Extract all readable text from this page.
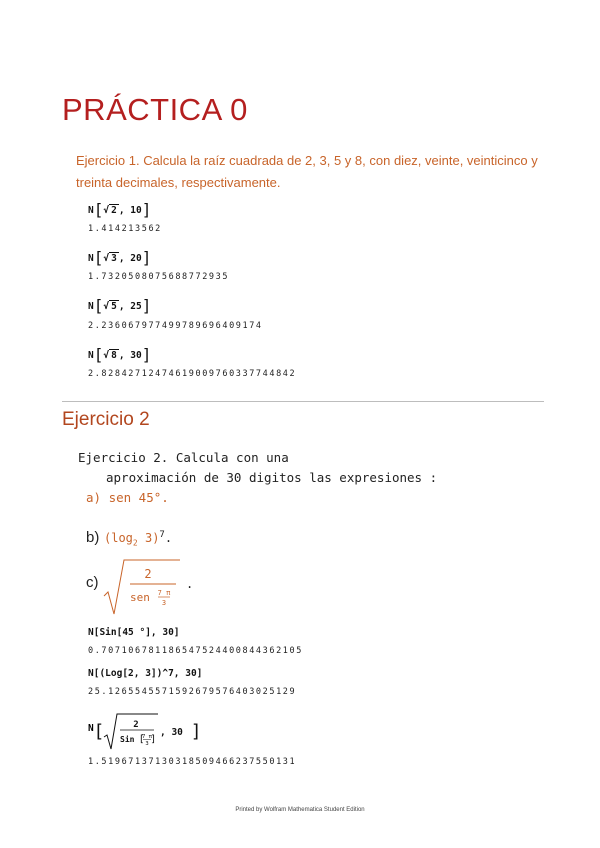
PRÁCTICA 0
Ejercicio 1. Calcula la raíz cuadrada de 2, 3, 5 y 8, con diez, veinte, veinticinco y treinta decimales, respectivamente.
N[√ 2 , 10]
1.414213562
N[√ 3 , 20]
1.7320508075688772935
N[√ 5 , 25]
2.236067977499789696409174
N[√ 8 , 30]
2.82842712474619009760337744842
Ejercicio 2
Ejercicio 2. Calcula con una
aproximación de 30 digitos las expresiones :
a) sen 45°.
b) ($\log_2$ 3)$^7$.
c)	2
sen 7 π
3
.
N[Sin[45 °], 30]
0.707106781186547524400844362105
N[(Log[2, 3])^7, 30]
25.1265545571592679576403025129
N [	2
Sin [
7 π
3 ]
, 30 ]
1.51967137130318509466237550131
Printed by Wolfram Mathematica Student Edition
